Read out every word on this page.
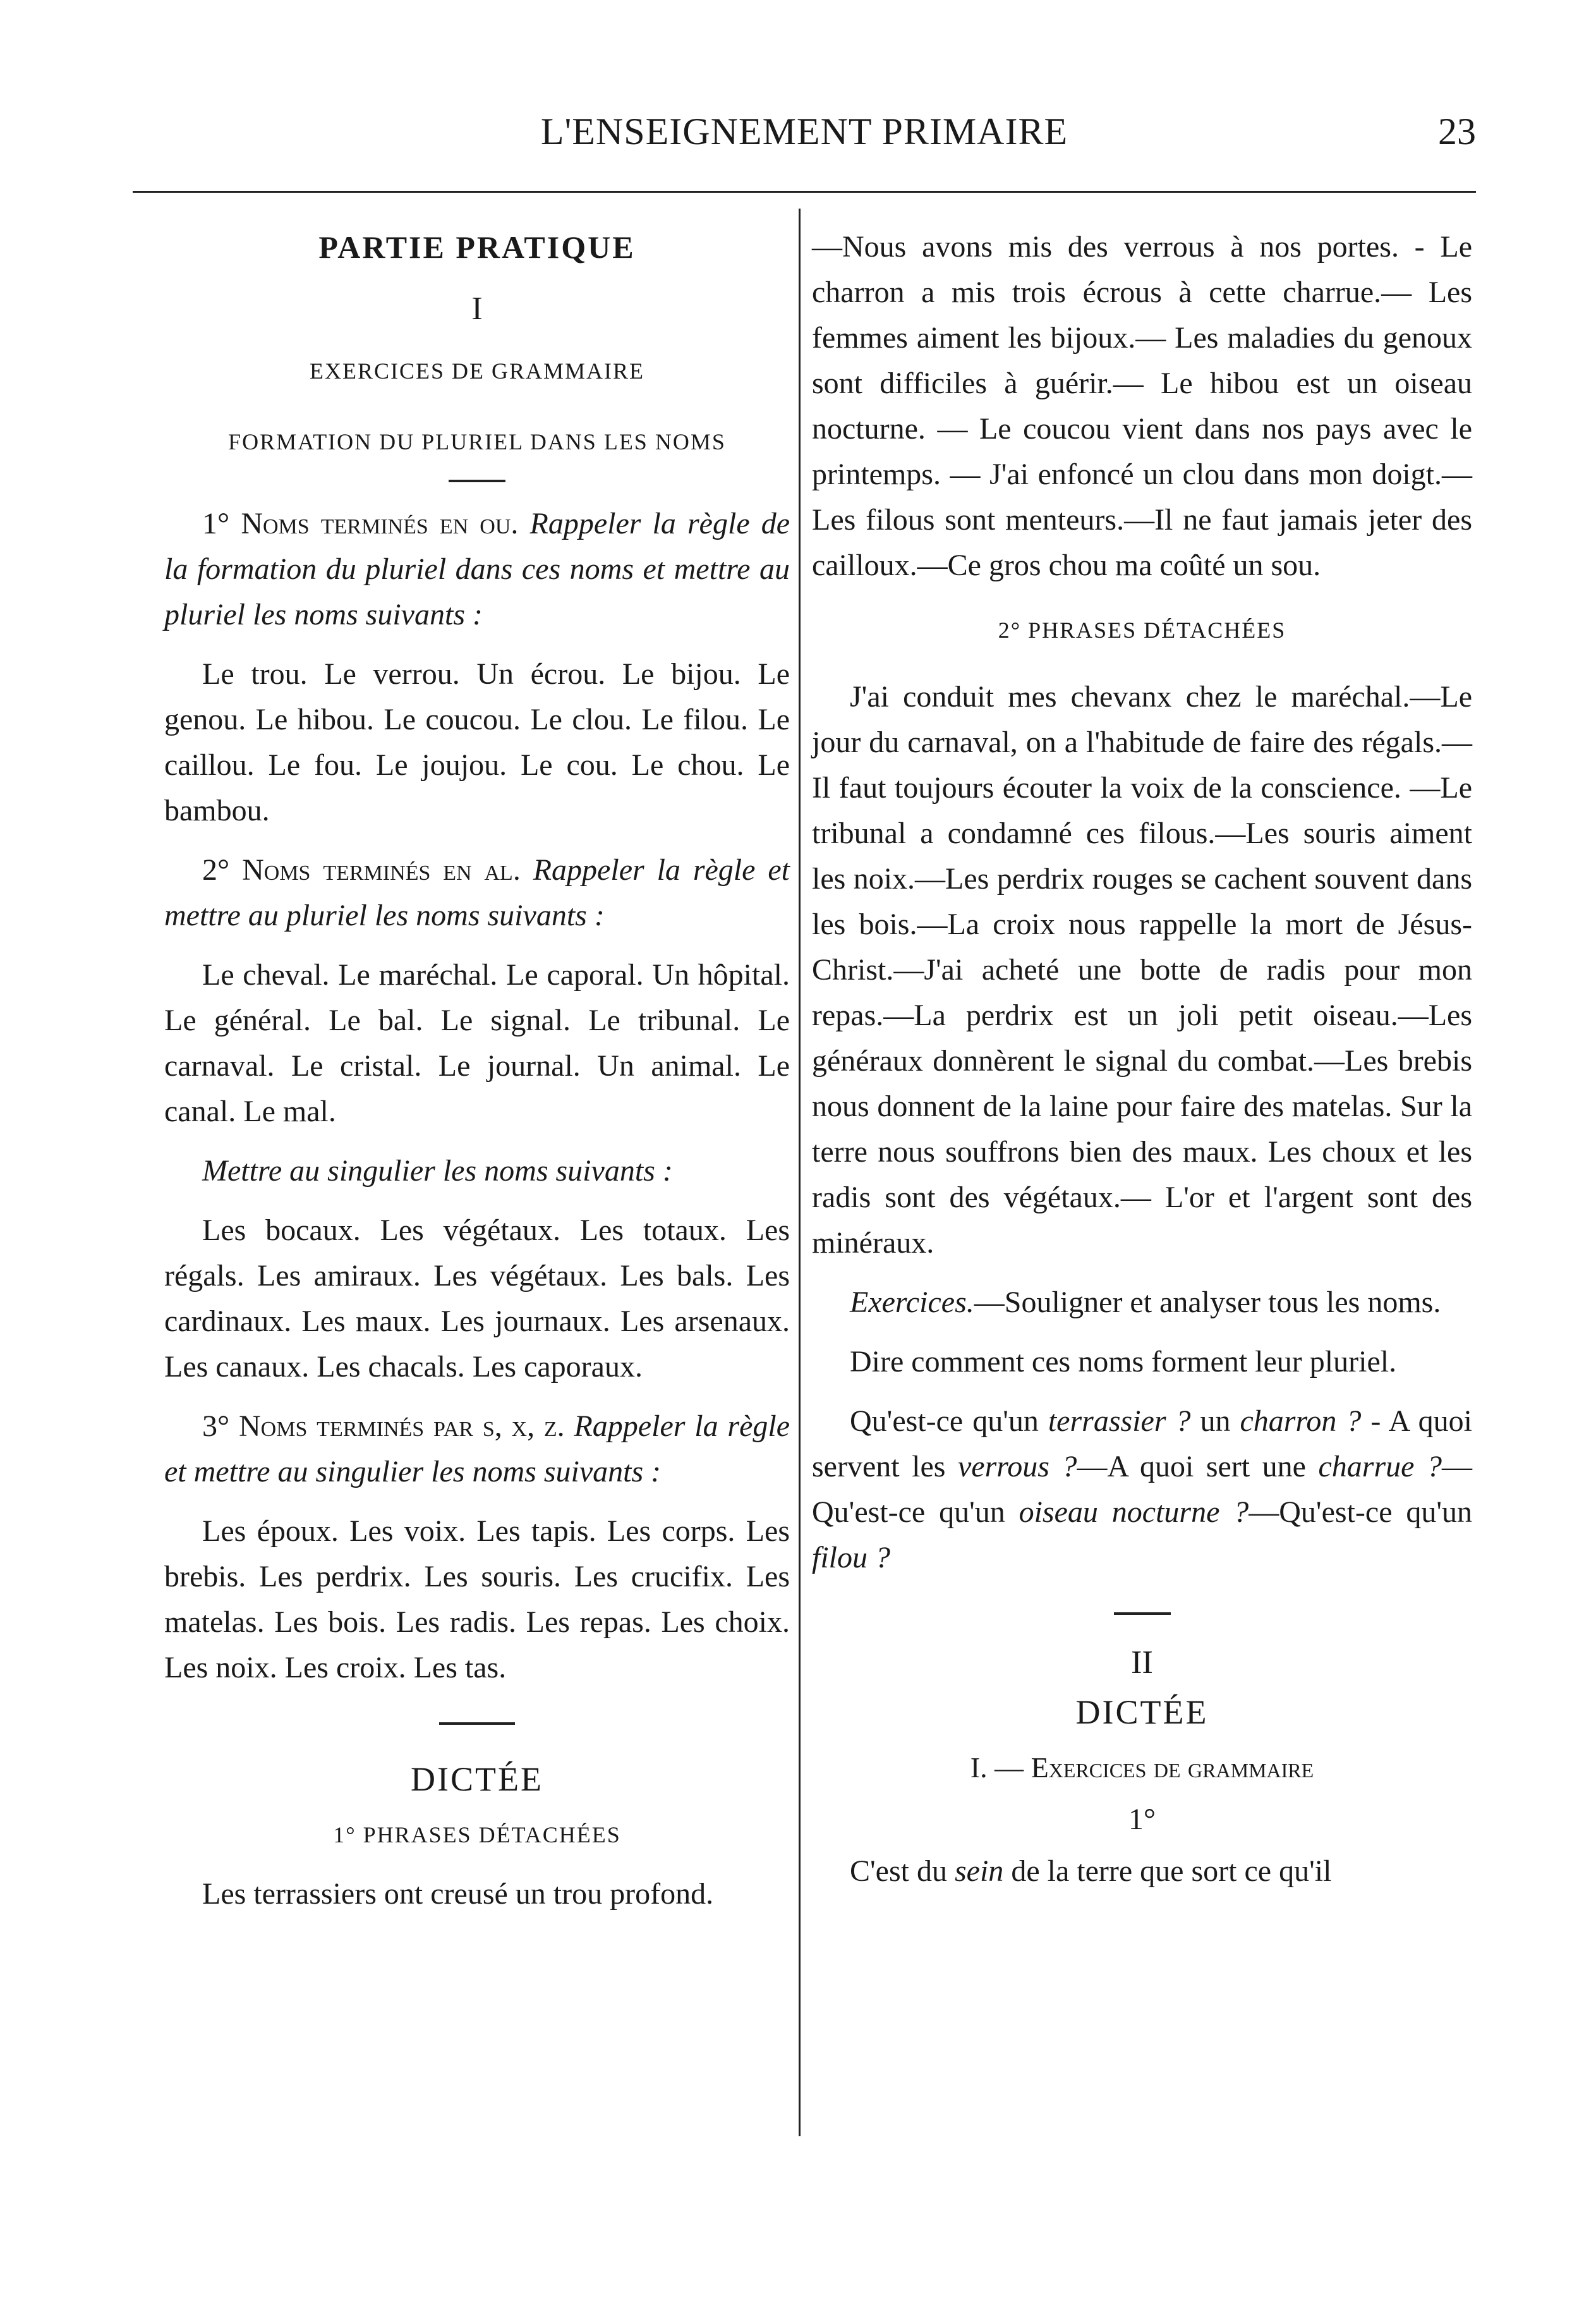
L'ENSEIGNEMENT PRIMAIRE	23
PARTIE PRATIQUE
I
EXERCICES DE GRAMMAIRE
FORMATION DU PLURIEL DANS LES NOMS

1° Noms terminés en ou. Rappeler la règle de la formation du pluriel dans ces noms et mettre au pluriel les noms suivants :

Le trou. Le verrou. Un écrou. Le bijou. Le genou. Le hibou. Le coucou. Le clou. Le filou. Le caillou. Le fou. Le joujou. Le cou. Le chou. Le bambou.

2° Noms terminés en al. Rappeler la règle et mettre au pluriel les noms suivants :

Le cheval. Le maréchal. Le caporal. Un hôpital. Le général. Le bal. Le signal. Le tribunal. Le carnaval. Le cristal. Le journal. Un animal. Le canal. Le mal.

Mettre au singulier les noms suivants :

Les bocaux. Les végétaux. Les totaux. Les régals. Les amiraux. Les végétaux. Les bals. Les cardinaux. Les maux. Les journaux. Les arsenaux. Les canaux. Les chacals. Les caporaux.

3° Noms terminés par s, x, z. Rappeler la règle et mettre au singulier les noms suivants :

Les époux. Les voix. Les tapis. Les corps. Les brebis. Les perdrix. Les souris. Les crucifix. Les matelas. Les bois. Les radis. Les repas. Les choix. Les noix. Les croix. Les tas.

DICTÉE
1° PHRASES DÉTACHÉES

Les terrassiers ont creusé un trou profond.

—Nous avons mis des verrous à nos portes. - Le charron a mis trois écrous à cette charrue.— Les femmes aiment les bijoux.— Les maladies du genoux sont difficiles à guérir.— Le hibou est un oiseau nocturne. — Le coucou vient dans nos pays avec le printemps. — J'ai enfoncé un clou dans mon doigt.—Les filous sont menteurs.—Il ne faut jamais jeter des cailloux.—Ce gros chou ma coûté un sou.

2° PHRASES DÉTACHÉES

J'ai conduit mes chevanx chez le maréchal.—Le jour du carnaval, on a l'habitude de faire des régals.—Il faut toujours écouter la voix de la conscience. —Le tribunal a condamné ces filous.—Les souris aiment les noix.—Les perdrix rouges se cachent souvent dans les bois.—La croix nous rappelle la mort de Jésus-Christ.—J'ai acheté une botte de radis pour mon repas.—La perdrix est un joli petit oiseau.—Les généraux donnèrent le signal du combat.—Les brebis nous donnent de la laine pour faire des matelas. Sur la terre nous souffrons bien des maux. Les choux et les radis sont des végétaux.— L'or et l'argent sont des minéraux.

Exercices.—Souligner et analyser tous les noms.

Dire comment ces noms forment leur pluriel.

Qu'est-ce qu'un terrassier ? un charron ? - A quoi servent les verrous ?—A quoi sert une charrue ?—Qu'est-ce qu'un oiseau nocturne ?—Qu'est-ce qu'un filou ?

II
DICTÉE
I. — Exercices de grammaire
1°

C'est du sein de la terre que sort ce qu'il
